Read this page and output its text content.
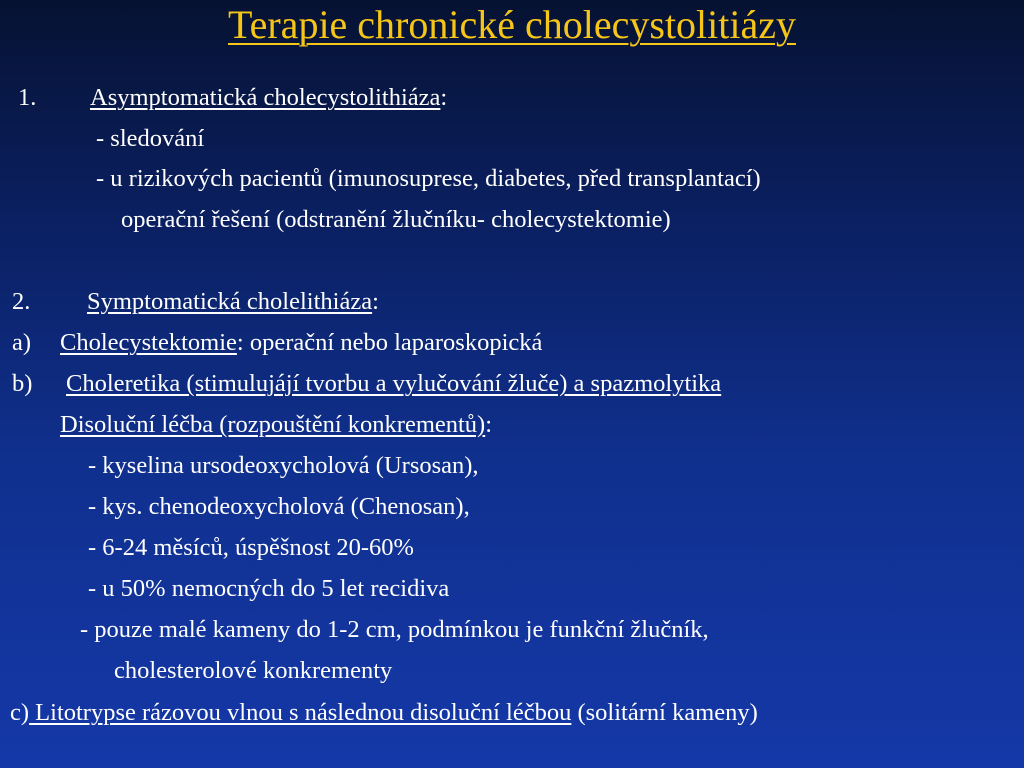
Terapie chronické cholecystolitiázy
1. Asymptomatická cholecystolithiáza:
- sledování
- u rizikových pacientů (imunosuprese, diabetes, před transplantací)
operační řešení (odstranění žlučníku- cholecystektomie)
2. Symptomatická cholelithiáza:
a) Cholecystektomie: operační nebo laparoskopická
b) Choleretika (stimulujájí tvorbu a vylučování žluče) a spazmolytika
Disoluční léčba (rozpouštění konkrementů):
- kyselina ursodeoxycholová (Ursosan),
- kys. chenodeoxycholová (Chenosan),
- 6-24 měsíců, úspěšnost 20-60%
- u 50% nemocných do 5 let recidiva
- pouze malé kameny do 1-2 cm, podmínkou je funkční žlučník,
cholesterolové konkrementy
c) Litotrypse rázovou vlnou s následnou disoluční léčbou (solitární kameny)
